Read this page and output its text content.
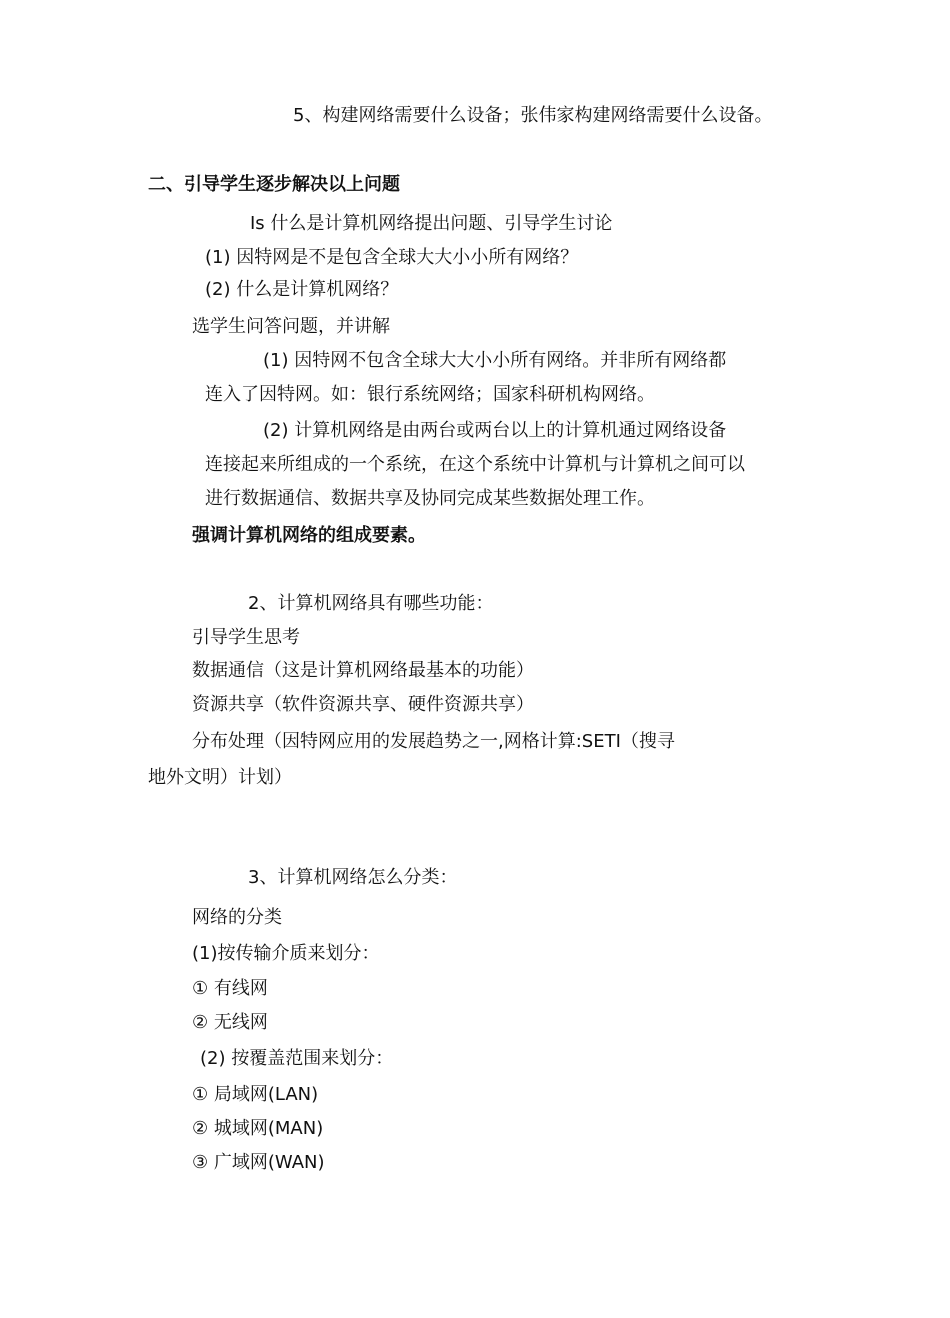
5、构建网络需要什么设备；张伟家构建网络需要什么设备。
二、引导学生逐步解决以上问题
Is 什么是计算机网络提出问题、引导学生讨论
(1) 因特网是不是包含全球大大小小所有网络？
(2) 什么是计算机网络？
选学生问答问题，并讲解
(1) 因特网不包含全球大大小小所有网络。并非所有网络都
连入了因特网。如：银行系统网络；国家科研机构网络。
(2) 计算机网络是由两台或两台以上的计算机通过网络设备
连接起来所组成的一个系统，在这个系统中计算机与计算机之间可以
进行数据通信、数据共享及协同完成某些数据处理工作。
强调计算机网络的组成要素。
2、计算机网络具有哪些功能：
引导学生思考
数据通信（这是计算机网络最基本的功能）
资源共享（软件资源共享、硬件资源共享）
分布处理（因特网应用的发展趋势之一,网格计算:SETI（搜寻
地外文明）计划）
3、计算机网络怎么分类：
网络的分类
(1)按传输介质来划分：
① 有线网
② 无线网
(2) 按覆盖范围来划分：
① 局域网(LAN)
② 城域网(MAN)
③ 广域网(WAN)
